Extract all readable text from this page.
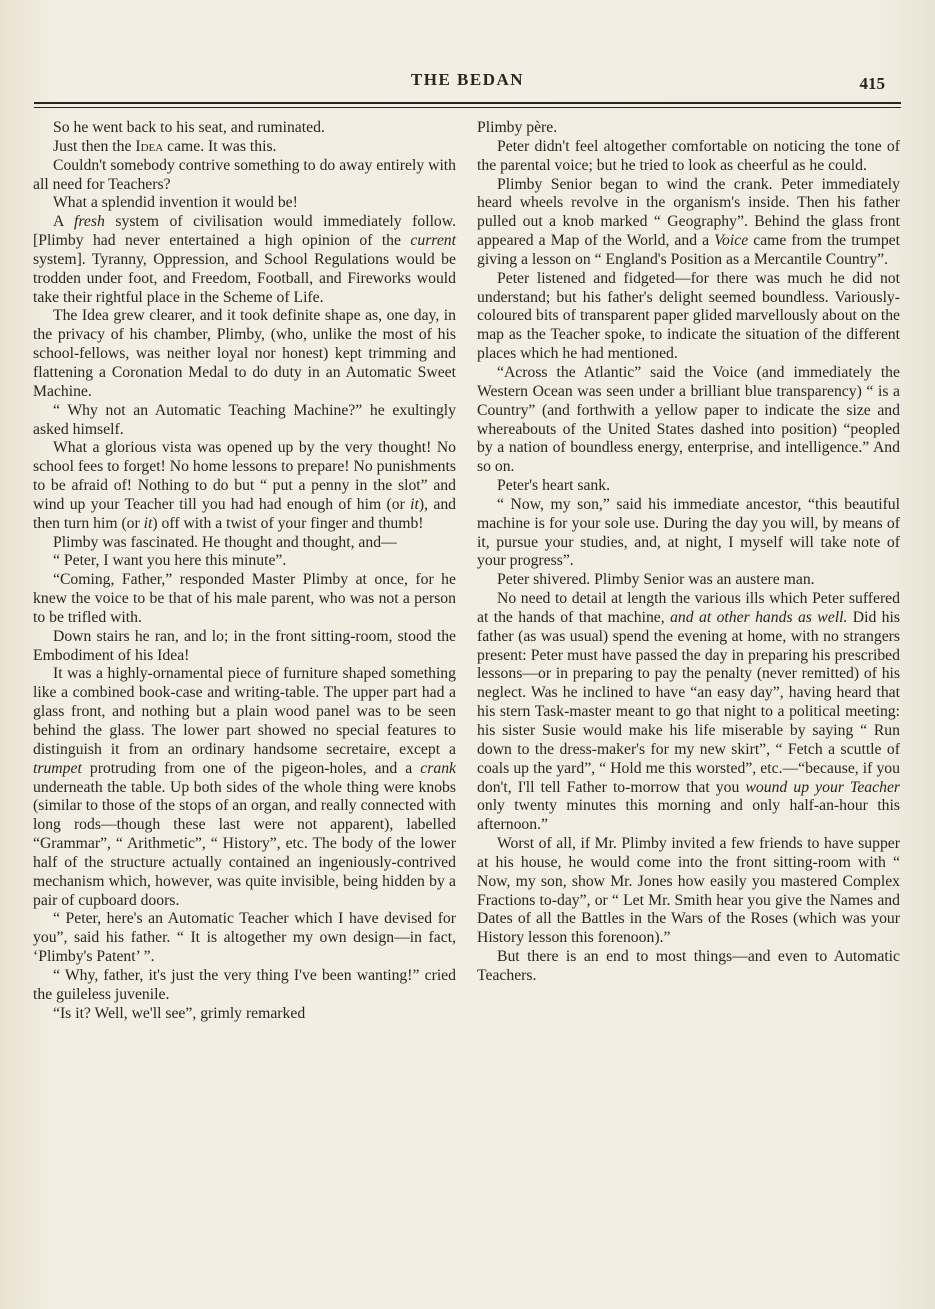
THE BEDAN	415

So he went back to his seat, and ruminated.

Just then the Idea came. It was this.

Couldn't somebody contrive something to do away entirely with all need for Teachers?

What a splendid invention it would be!

A fresh system of civilisation would immediately follow. [Plimby had never entertained a high opinion of the current system]. Tyranny, Oppression, and School Regulations would be trodden under foot, and Freedom, Football, and Fireworks would take their rightful place in the Scheme of Life.

The Idea grew clearer, and it took definite shape as, one day, in the privacy of his chamber, Plimby, (who, unlike the most of his school-fellows, was neither loyal nor honest) kept trimming and flattening a Coronation Medal to do duty in an Automatic Sweet Machine.

“ Why not an Automatic Teaching Machine?” he exultingly asked himself.

What a glorious vista was opened up by the very thought! No school fees to forget! No home lessons to prepare! No punishments to be afraid of! Nothing to do but “ put a penny in the slot” and wind up your Teacher till you had had enough of him (or it), and then turn him (or it) off with a twist of your finger and thumb!

Plimby was fascinated. He thought and thought, and—

“ Peter, I want you here this minute”.

“Coming, Father,” responded Master Plimby at once, for he knew the voice to be that of his male parent, who was not a person to be trifled with.

Down stairs he ran, and lo; in the front sitting-room, stood the Embodiment of his Idea!

It was a highly-ornamental piece of furniture shaped something like a combined book-case and writing-table. The upper part had a glass front, and nothing but a plain wood panel was to be seen behind the glass. The lower part showed no special features to distinguish it from an ordinary handsome secretaire, except a trumpet protruding from one of the pigeon-holes, and a crank underneath the table. Up both sides of the whole thing were knobs (similar to those of the stops of an organ, and really connected with long rods—though these last were not apparent), labelled “Grammar”, “ Arithmetic”, “ History”, etc. The body of the lower half of the structure actually contained an ingeniously-contrived mechanism which, however, was quite invisible, being hidden by a pair of cupboard doors.

“ Peter, here's an Automatic Teacher which I have devised for you”, said his father. “ It is altogether my own design—in fact, ‘Plimby's Patent’ ”.

“ Why, father, it's just the very thing I've been wanting!” cried the guileless juvenile.

“Is it? Well, we'll see”, grimly remarked

Plimby père.

Peter didn't feel altogether comfortable on noticing the tone of the parental voice; but he tried to look as cheerful as he could.

Plimby Senior began to wind the crank. Peter immediately heard wheels revolve in the organism's inside. Then his father pulled out a knob marked “ Geography”. Behind the glass front appeared a Map of the World, and a Voice came from the trumpet giving a lesson on “ England's Position as a Mercantile Country”.

Peter listened and fidgeted—for there was much he did not understand; but his father's delight seemed boundless. Variously-coloured bits of transparent paper glided marvellously about on the map as the Teacher spoke, to indicate the situation of the different places which he had mentioned.

“Across the Atlantic” said the Voice (and immediately the Western Ocean was seen under a brilliant blue transparency) “ is a Country” (and forthwith a yellow paper to indicate the size and whereabouts of the United States dashed into position) “peopled by a nation of boundless energy, enterprise, and intelligence.” And so on.

Peter's heart sank.

“ Now, my son,” said his immediate ancestor, “this beautiful machine is for your sole use. During the day you will, by means of it, pursue your studies, and, at night, I myself will take note of your progress”.

Peter shivered. Plimby Senior was an austere man.

No need to detail at length the various ills which Peter suffered at the hands of that machine, and at other hands as well. Did his father (as was usual) spend the evening at home, with no strangers present: Peter must have passed the day in preparing his prescribed lessons—or in preparing to pay the penalty (never remitted) of his neglect. Was he inclined to have “an easy day”, having heard that his stern Task-master meant to go that night to a political meeting: his sister Susie would make his life miserable by saying “ Run down to the dress-maker's for my new skirt”, “ Fetch a scuttle of coals up the yard”, “ Hold me this worsted”, etc.—“because, if you don't, I'll tell Father to-morrow that you wound up your Teacher only twenty minutes this morning and only half-an-hour this afternoon.”

Worst of all, if Mr. Plimby invited a few friends to have supper at his house, he would come into the front sitting-room with “ Now, my son, show Mr. Jones how easily you mastered Complex Fractions to-day”, or “ Let Mr. Smith hear you give the Names and Dates of all the Battles in the Wars of the Roses (which was your History lesson this forenoon).”

But there is an end to most things—and even to Automatic Teachers.
